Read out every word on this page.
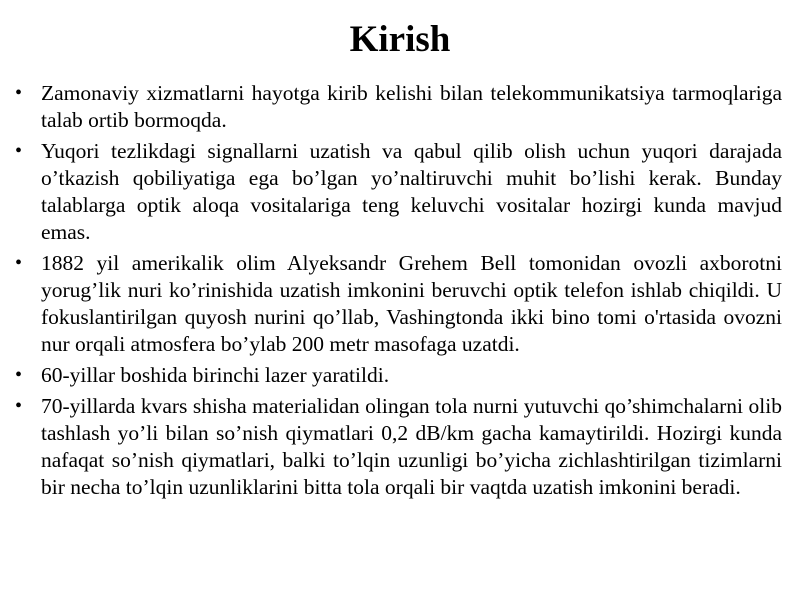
Kirish
• Zamonaviy xizmatlarni hayotga kirib kelishi bilan telekommunikatsiya tarmoqlariga talab ortib bormoqda.
• Yuqori tezlikdagi signallarni uzatish va qabul qilib olish uchun yuqori darajada o’tkazish qobiliyatiga ega bo’lgan yo’naltiruvchi muhit bo’lishi kerak. Bunday talablarga optik aloqa vositalariga teng keluvchi vositalar hozirgi kunda mavjud emas.
• 1882 yil amerikalik olim Alyeksandr Grehem Bell tomonidan ovozli axborotni yorug’lik nuri ko’rinishida uzatish imkonini beruvchi optik telefon ishlab chiqildi. U fokuslantirilgan quyosh nurini qo’llab, Vashingtonda ikki bino tomi o'rtasida ovozni nur orqali atmosfera bo’ylab 200 metr masofaga uzatdi.
• 60-yillar boshida birinchi lazer yaratildi.
• 70-yillarda kvars shisha materialidan olingan tola nurni yutuvchi qo’shimchalarni olib tashlash yo’li bilan so’nish qiymatlari 0,2 dB/km gacha kamaytirildi. Hozirgi kunda nafaqat so’nish qiymatlari, balki to’lqin uzunligi bo’yicha zichlashtirilgan tizimlarni bir necha to’lqin uzunliklarini bitta tola orqali bir vaqtda uzatish imkonini beradi.
